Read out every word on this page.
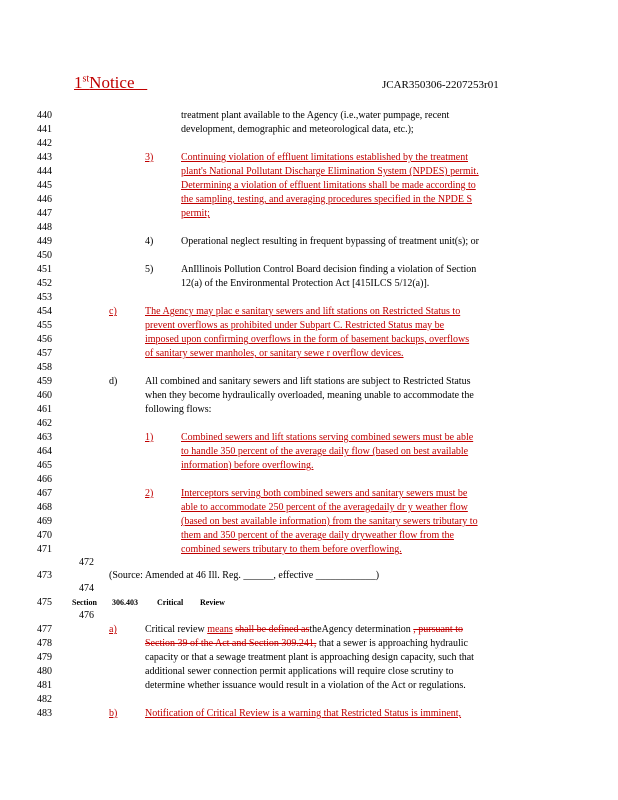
1stNotice	JCAR350306-2207253r01
440
441
442
443
444
445
446
447
448
449
450
451
452
453
454
455
456
457
458
459
460
461
462
463
464
465
466
467
468
469
470
471
472
473
474
475
476
477
478
479
480
481
482
483
treatment plant available to the Agency (i.e.,water pumpage, recent
development, demographic and meteorological data, etc.);
3)	Continuing violation of effluent limitations established by the treatment
plant's National Pollutant Discharge Elimination System (NPDES) permit.
Determining a violation of effluent limitations shall be made according to
the sampling, testing, and averaging procedures specified in the NPDE S
permit;
4)	Operational neglect resulting in frequent bypassing of treatment unit(s); or
5)	AnIllinois Pollution Control Board decision finding a violation of Section
12(a) of the Environmental Protection Act [415ILCS 5/12(a)].
c)	The Agency may plac e sanitary sewers and lift stations on Restricted Status to
prevent overflows as prohibited under Subpart C. Restricted Status may be
imposed upon confirming overflows in the form of basement backups, overflows
of sanitary sewer manholes, or sanitary sewe r overflow devices.
d)	All combined and sanitary sewers and lift stations are subject to Restricted Status
when they become hydraulically overloaded, meaning unable to accommodate the
following flows:
1)	Combined sewers and lift stations serving combined sewers must be able
to handle 350 percent of the average daily flow (based on best available
information) before overflowing.
2)	Interceptors serving both combined sewers and sanitary sewers must be
able to accommodate 250 percent of the averagedaily dr y weather flow
(based on best available information) from the sanitary sewers tributary to
them and 350 percent of the average daily dryweather flow from the
combined sewers tributary to them before overflowing.
(Source: Amended at 46 Ill. Reg. ______, effective ____________)
Section 306.403 Critical Review
a)	Critical review means shall be defined astheAgency determination , pursuant to
Section 39 of the Act and Section 309.241, that a sewer is approaching hydraulic
capacity or that a sewage treatment plant is approaching design capacity, such that
additional sewer connection permit applications will require close scrutiny to
determine whether issuance would result in a violation of the Act or regulations.
b)	Notification of Critical Review is a warning that Restricted Status is imminent,
